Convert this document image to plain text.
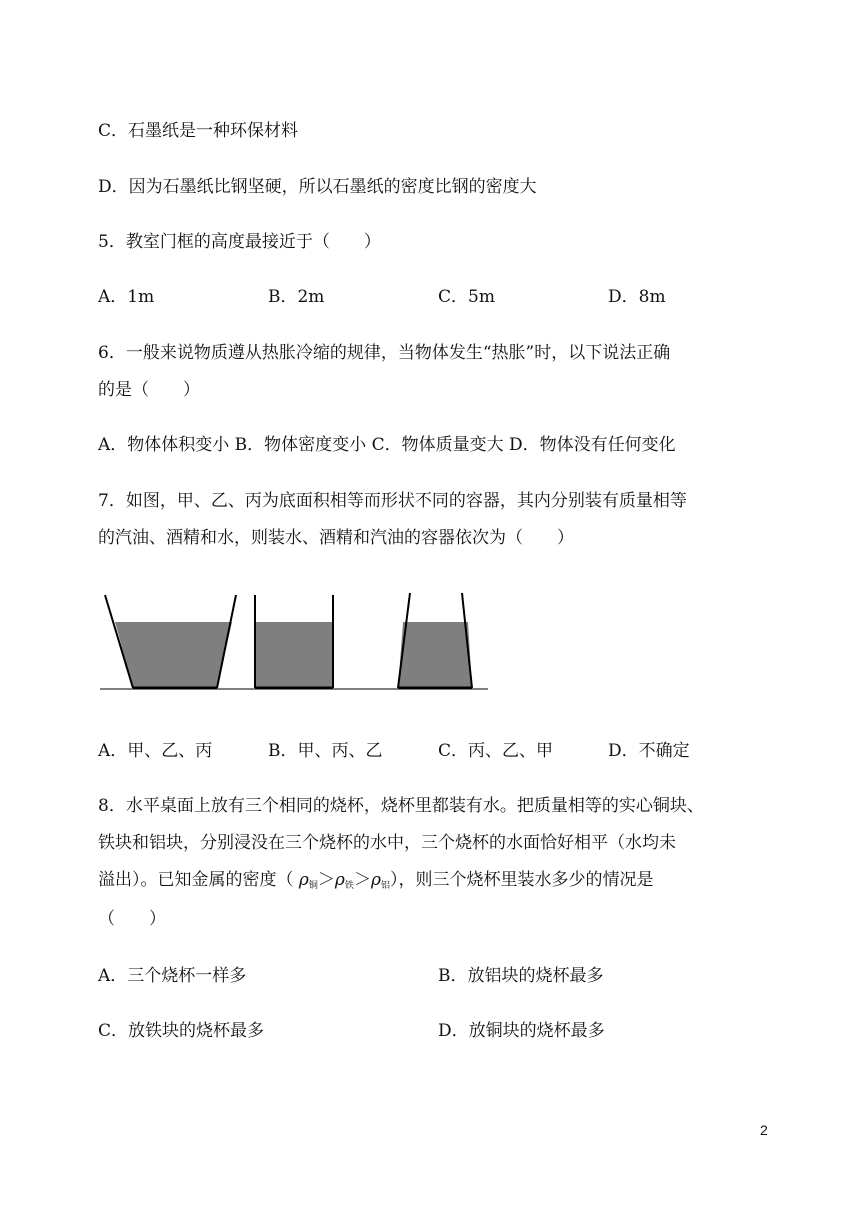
C．石墨纸是一种环保材料
D．因为石墨纸比钢坚硬，所以石墨纸的密度比钢的密度大
5．教室门框的高度最接近于（　　）
A．1m	B．2m	C．5m	D．8m
6．一般来说物质遵从热胀冷缩的规律，当物体发生“热胀”时，以下说法正确
的是（　　）
A．物体体积变小 B．物体密度变小 C．物体质量变大 D．物体没有任何变化
7．如图，甲、乙、丙为底面积相等而形状不同的容器，其内分别装有质量相等
的汽油、酒精和水，则装水、酒精和汽油的容器依次为（　　）
A．甲、乙、丙	B．甲、丙、乙	C．丙、乙、甲	D．不确定
8．水平桌面上放有三个相同的烧杯，烧杯里都装有水。把质量相等的实心铜块、
铁块和铝块，分别浸没在三个烧杯的水中，三个烧杯的水面恰好相平（水均未
溢出）。已知金属的密度（ $\rho_铜>\rho_铁>\rho_铝$），则三个烧杯里装水多少的情况是
（　　）
A．三个烧杯一样多	B．放铝块的烧杯最多
C．放铁块的烧杯最多	D．放铜块的烧杯最多
2
